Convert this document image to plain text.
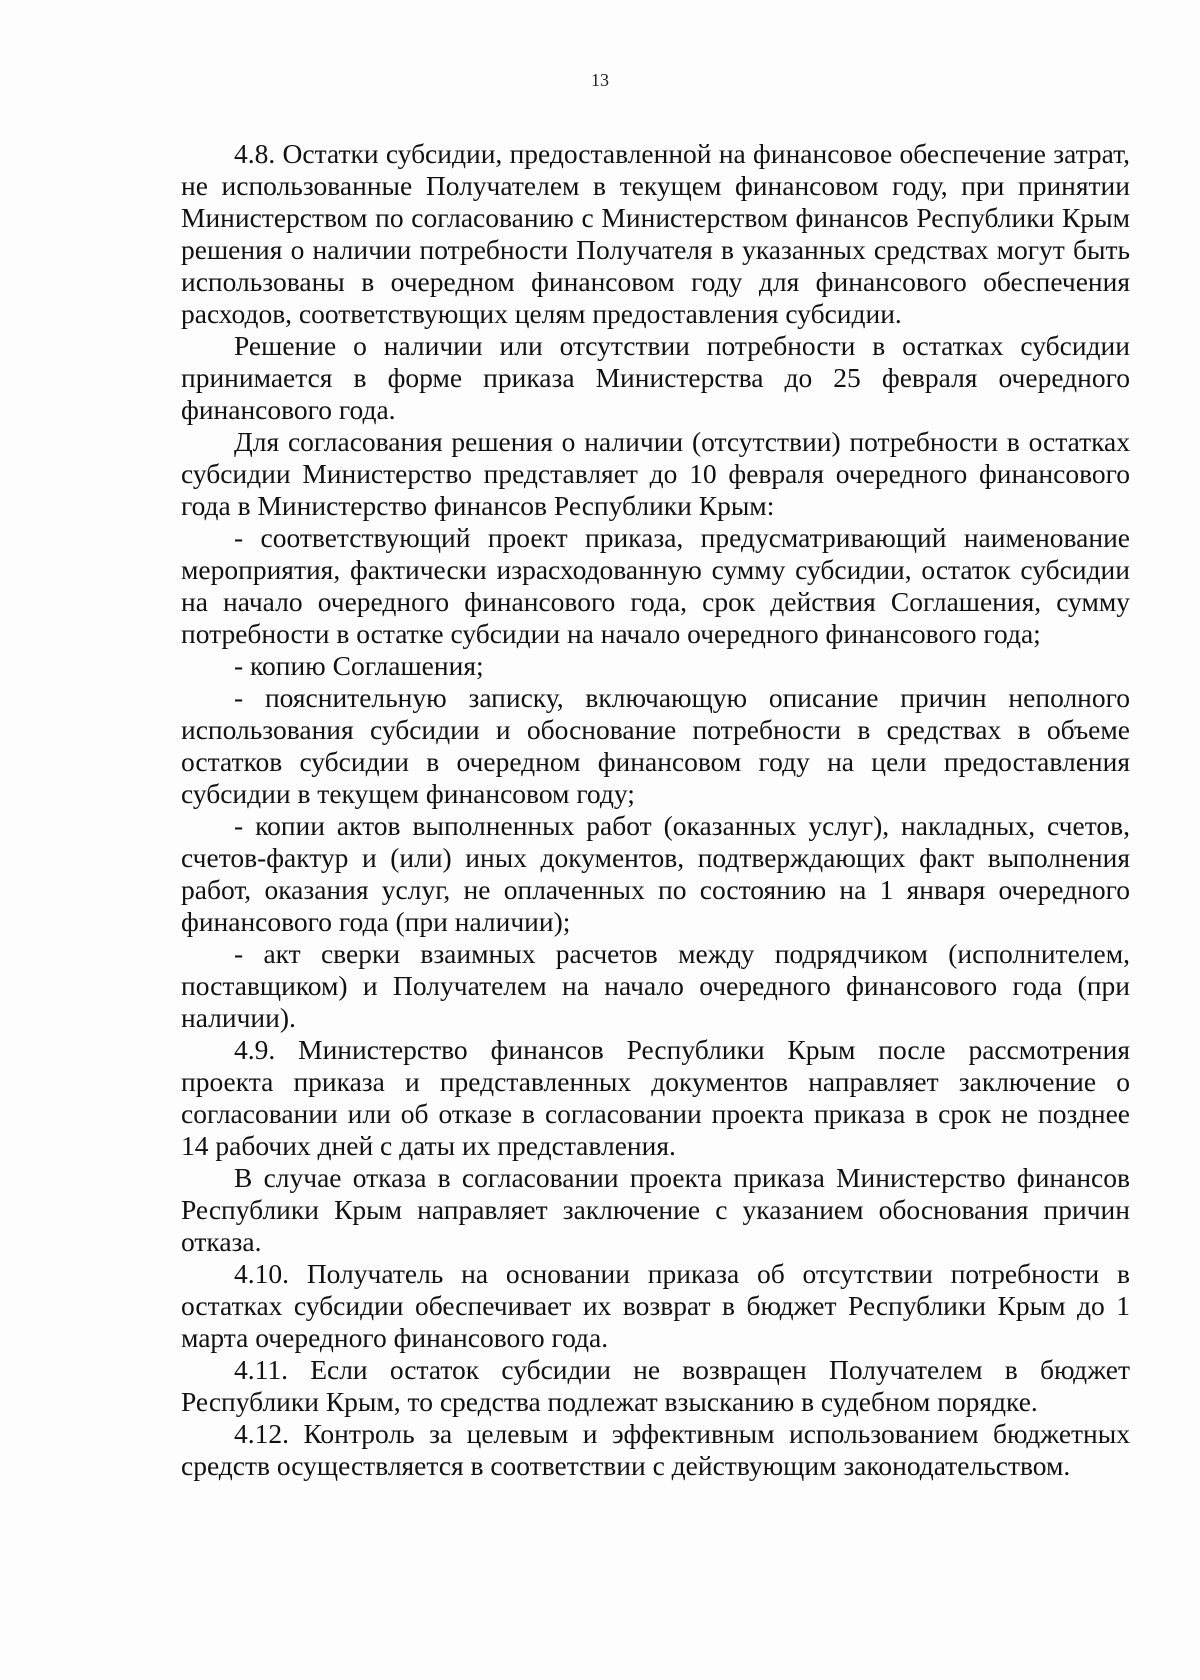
13

4.8. Остатки субсидии, предоставленной на финансовое обеспечение затрат, не использованные Получателем в текущем финансовом году, при принятии Министерством по согласованию с Министерством финансов Республики Крым решения о наличии потребности Получателя в указанных средствах могут быть использованы в очередном финансовом году для финансового обеспечения расходов, соответствующих целям предоставления субсидии.

Решение о наличии или отсутствии потребности в остатках субсидии принимается в форме приказа Министерства до 25 февраля очередного финансового года.

Для согласования решения о наличии (отсутствии) потребности в остатках субсидии Министерство представляет до 10 февраля очередного финансового года в Министерство финансов Республики Крым:

- соответствующий проект приказа, предусматривающий наименование мероприятия, фактически израсходованную сумму субсидии, остаток субсидии на начало очередного финансового года, срок действия Соглашения, сумму потребности в остатке субсидии на начало очередного финансового года;

- копию Соглашения;

- пояснительную записку, включающую описание причин неполного использования субсидии и обоснование потребности в средствах в объеме остатков субсидии в очередном финансовом году на цели предоставления субсидии в текущем финансовом году;

- копии актов выполненных работ (оказанных услуг), накладных, счетов, счетов-фактур и (или) иных документов, подтверждающих факт выполнения работ, оказания услуг, не оплаченных по состоянию на 1 января очередного финансового года (при наличии);

- акт сверки взаимных расчетов между подрядчиком (исполнителем, поставщиком) и Получателем на начало очередного финансового года (при наличии).

4.9. Министерство финансов Республики Крым после рассмотрения проекта приказа и представленных документов направляет заключение о согласовании или об отказе в согласовании проекта приказа в срок не позднее 14 рабочих дней с даты их представления.

В случае отказа в согласовании проекта приказа Министерство финансов Республики Крым направляет заключение с указанием обоснования причин отказа.

4.10. Получатель на основании приказа об отсутствии потребности в остатках субсидии обеспечивает их возврат в бюджет Республики Крым до 1 марта очередного финансового года.

4.11. Если остаток субсидии не возвращен Получателем в бюджет Республики Крым, то средства подлежат взысканию в судебном порядке.

4.12. Контроль за целевым и эффективным использованием бюджетных средств осуществляется в соответствии с действующим законодательством.
